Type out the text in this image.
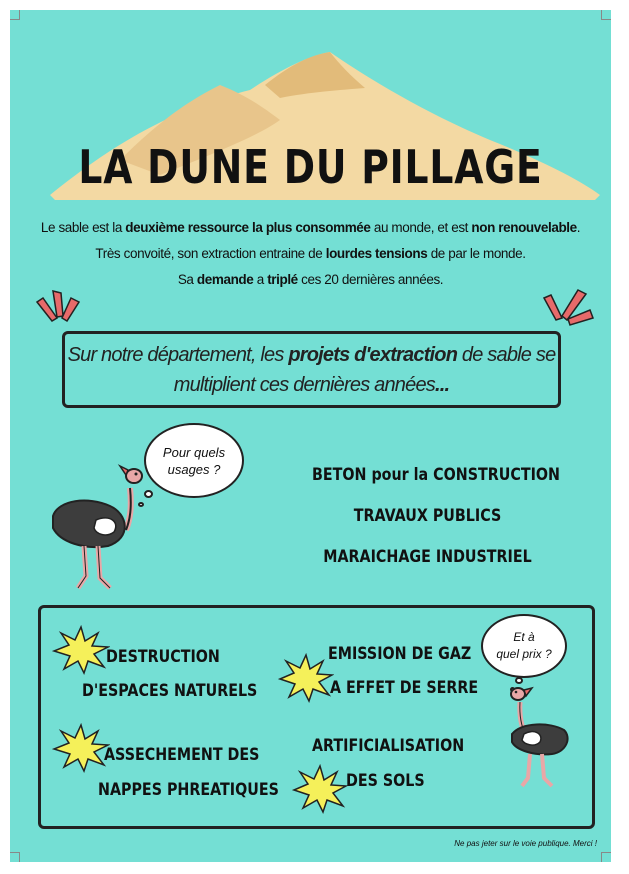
LA DUNE DU PILLAGE
Le sable est la deuxième ressource la plus consommée au monde, et est non renouvelable.
Très convoité, son extraction entraine de lourdes tensions de par le monde.
Sa demande a triplé ces 20 dernières années.
Sur notre département, les projets d'extraction de sable se
multiplient ces dernières années...
Pour quels
usages ?	BETON pour la CONSTRUCTION
TRAVAUX PUBLICS
MARAICHAGE INDUSTRIEL
DESTRUCTION
D'ESPACES NATURELS
EMISSION DE GAZ
A EFFET DE SERRE
ASSECHEMENT DES
NAPPES PHREATIQUES
ARTIFICIALISATION
DES SOLS
Et à
quel prix ?
Ne pas jeter sur le voie publique. Merci !
